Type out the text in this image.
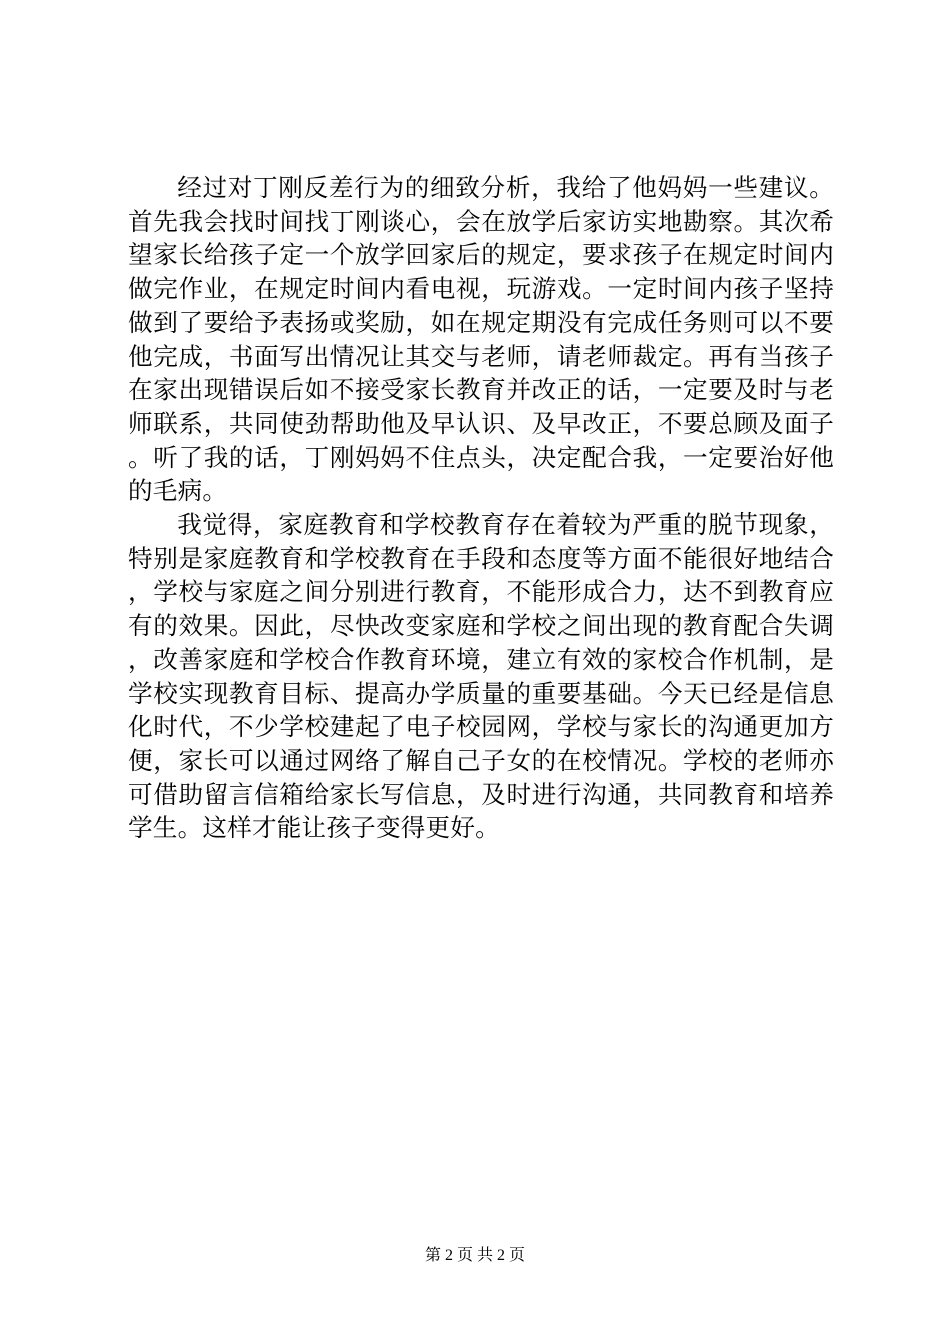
经过对丁刚反差行为的细致分析，我给了他妈妈一些建议。首先我会找时间找丁刚谈心，会在放学后家访实地勘察。其次希望家长给孩子定一个放学回家后的规定，要求孩子在规定时间内做完作业，在规定时间内看电视，玩游戏。一定时间内孩子坚持做到了要给予表扬或奖励，如在规定期没有完成任务则可以不要他完成，书面写出情况让其交与老师，请老师裁定。再有当孩子在家出现错误后如不接受家长教育并改正的话，一定要及时与老师联系，共同使劲帮助他及早认识、及早改正，不要总顾及面子。听了我的话，丁刚妈妈不住点头，决定配合我，一定要治好他的毛病。

我觉得，家庭教育和学校教育存在着较为严重的脱节现象，特别是家庭教育和学校教育在手段和态度等方面不能很好地结合，学校与家庭之间分别进行教育，不能形成合力，达不到教育应有的效果。因此，尽快改变家庭和学校之间出现的教育配合失调，改善家庭和学校合作教育环境，建立有效的家校合作机制，是学校实现教育目标、提高办学质量的重要基础。今天已经是信息化时代，不少学校建起了电子校园网，学校与家长的沟通更加方便，家长可以通过网络了解自己子女的在校情况。学校的老师亦可借助留言信箱给家长写信息，及时进行沟通，共同教育和培养学生。这样才能让孩子变得更好。

第 2 页 共 2 页
